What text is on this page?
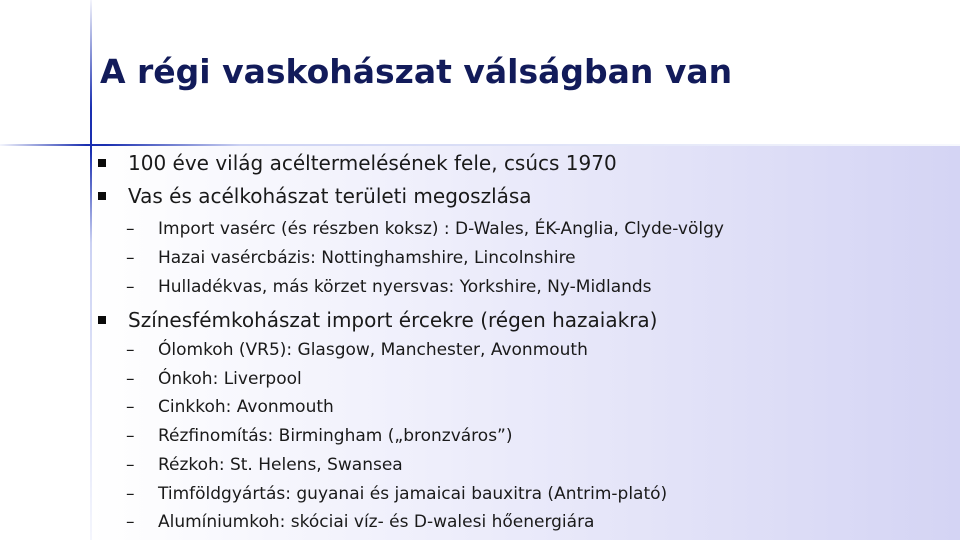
A régi vaskohászat válságban van
100 éve világ acéltermelésének fele, csúcs 1970
Vas és acélkohászat területi megoszlása
– Import vasérc (és részben koksz) : D-Wales, ÉK-Anglia, Clyde-völgy
– Hazai vasércbázis: Nottinghamshire, Lincolnshire
– Hulladékvas, más körzet nyersvas: Yorkshire, Ny-Midlands
Színesfémkohászat import ércekre (régen hazaiakra)
– Ólomkoh (VR5): Glasgow, Manchester, Avonmouth
– Ónkoh: Liverpool
– Cinkkoh: Avonmouth
– Rézfinomítás: Birmingham („bronzváros”)
– Rézkoh: St. Helens, Swansea
– Timföldgyártás: guyanai és jamaicai bauxitra (Antrim-plató)
– Alumíniumkoh: skóciai víz- és D-walesi hőenergiára
